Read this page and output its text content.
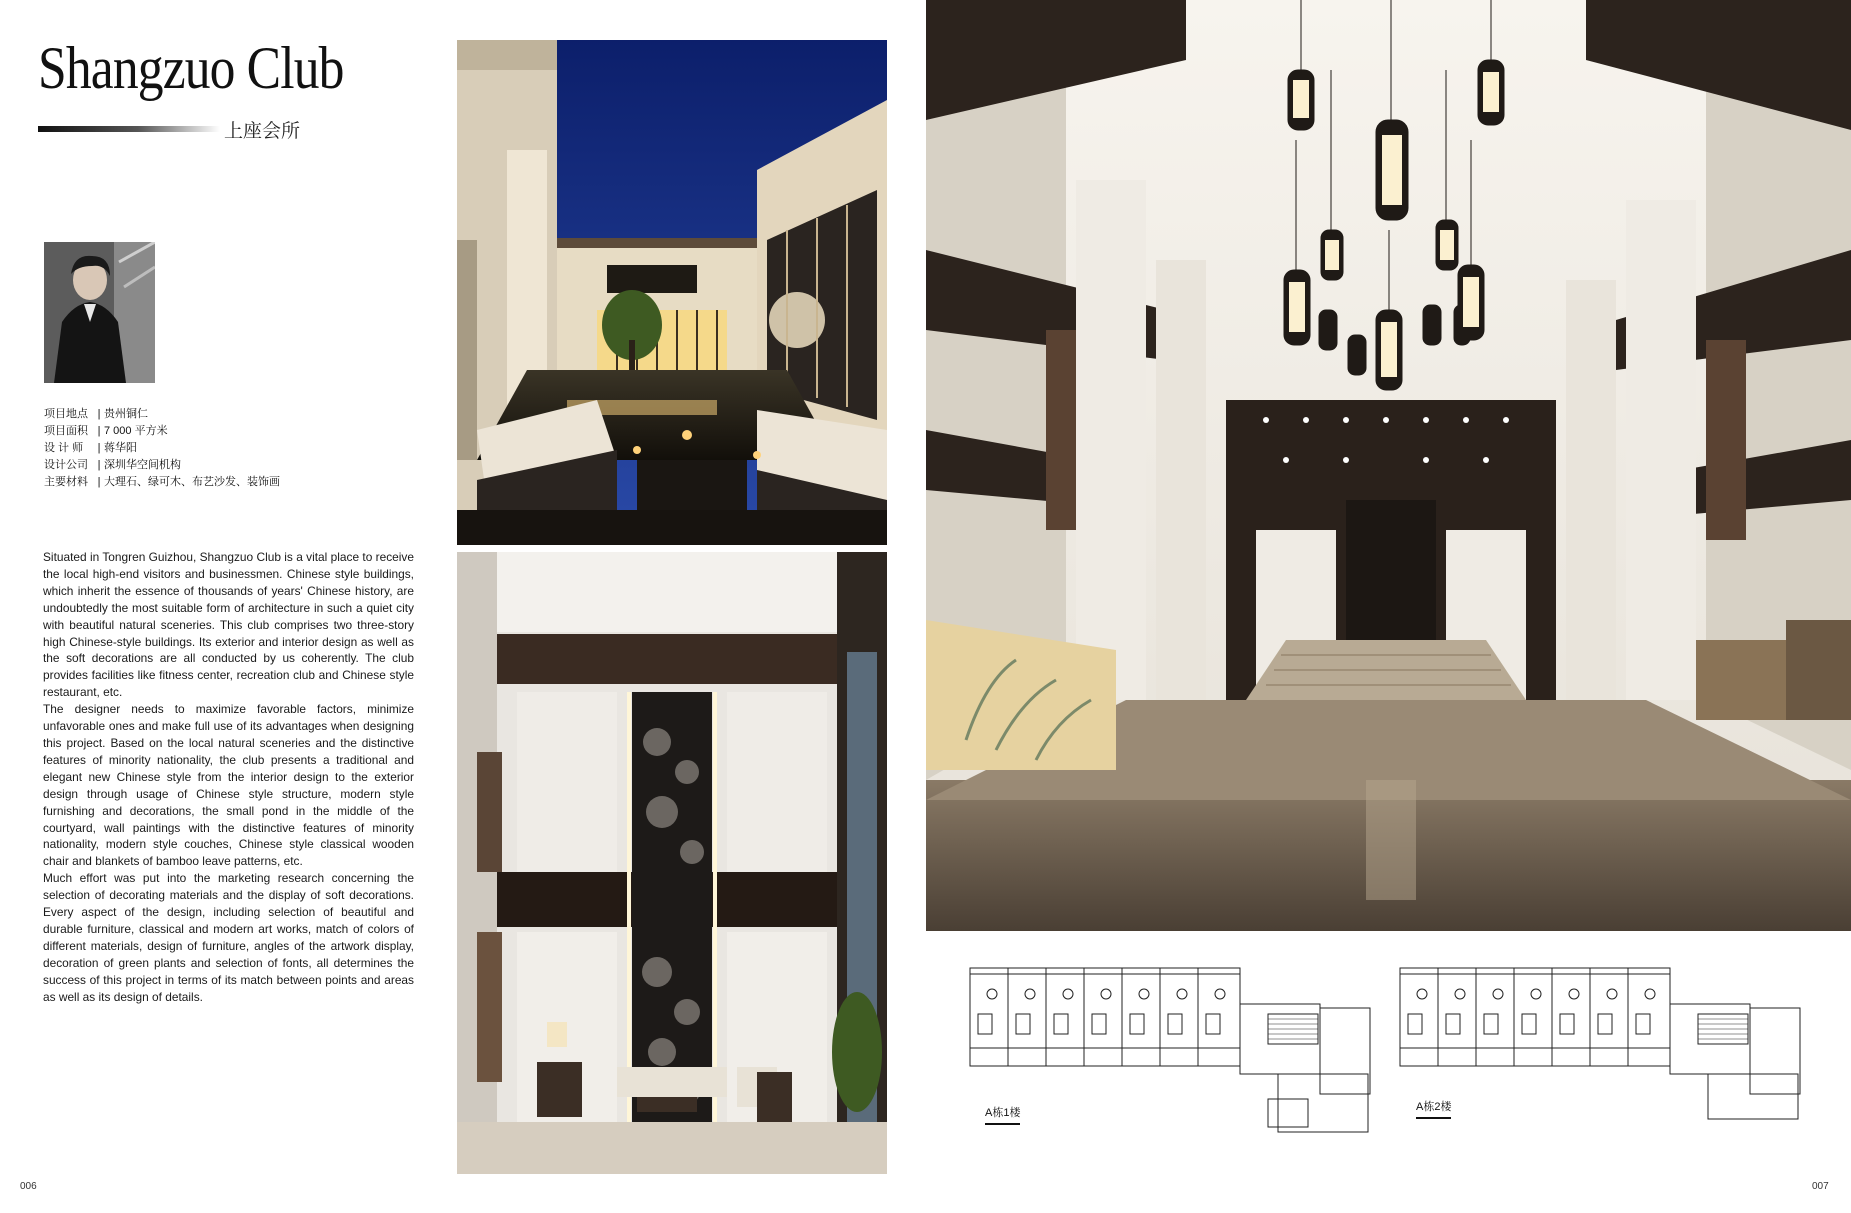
Shangzuo Club
上座会所
项目地点 | 贵州铜仁
项目面积 | 7 000 平方米
设 计 师	| 蒋华阳
设计公司 | 深圳华空间机构
主要材料 | 大理石、绿可木、布艺沙发、装饰画

Situated in Tongren Guizhou, Shangzuo Club is a vital place to receive the local high-end visitors and businessmen. Chinese style buildings, which inherit the essence of thousands of years' Chinese history, are undoubtedly the most suitable form of architecture in such a quiet city with beautiful natural sceneries. This club comprises two three-story high Chinese-style buildings. Its exterior and interior design as well as the soft decorations are all conducted by us coherently. The club provides facilities like fitness center, recreation club and Chinese style restaurant, etc.

The designer needs to maximize favorable factors, minimize unfavorable ones and make full use of its advantages when designing this project. Based on the local natural sceneries and the distinctive features of minority nationality, the club presents a traditional and elegant new Chinese style from the interior design to the exterior design through usage of Chinese style structure, modern style furnishing and decorations, the small pond in the middle of the courtyard, wall paintings with the distinctive features of minority nationality, modern style couches, Chinese style classical wooden chair and blankets of bamboo leave patterns, etc.

Much effort was put into the marketing research concerning the selection of decorating materials and the display of soft decorations. Every aspect of the design, including selection of beautiful and durable furniture, classical and modern art works, match of colors of different materials, design of furniture, angles of the artwork display, decoration of green plants and selection of fonts, all determines the success of this project in terms of its match between points and areas as well as its design of details.

A栋1楼	A栋2楼
006	007
